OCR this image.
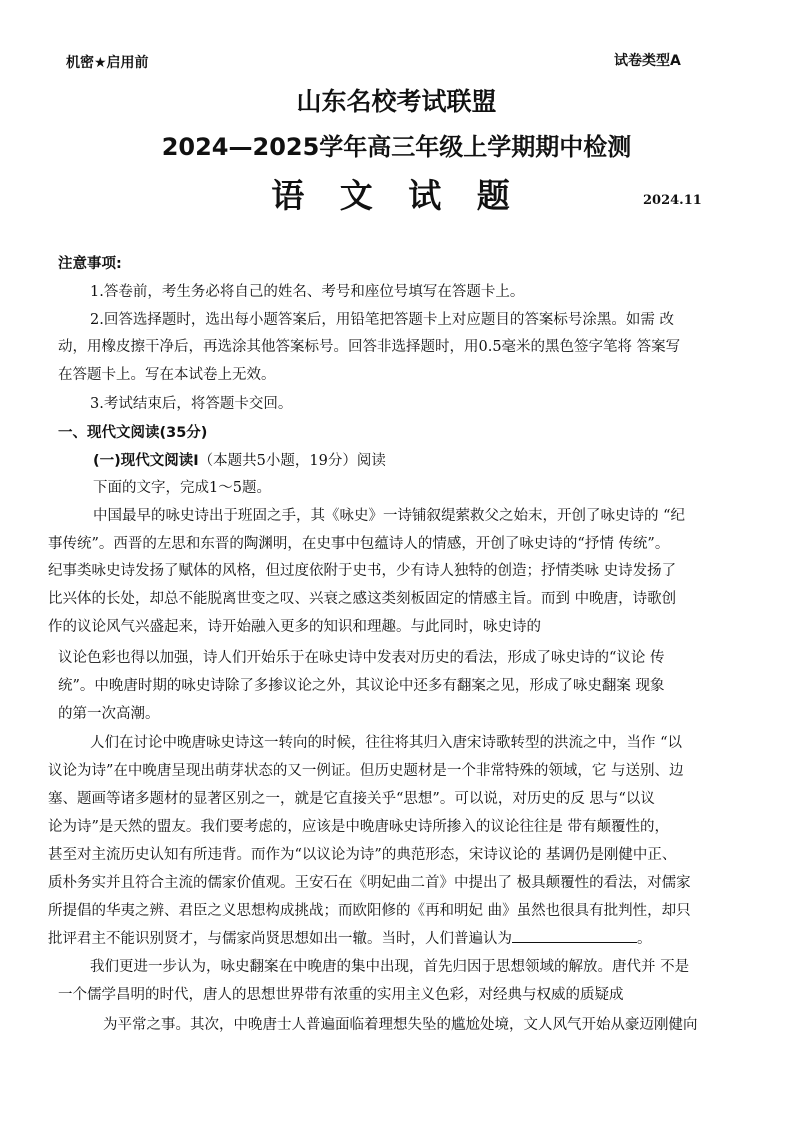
机密★启用前	试卷类型A
山东名校考试联盟
2024—2025学年高三年级上学期期中检测
语 文 试 题	2024.11
注意事项:
1.答卷前，考生务必将自己的姓名、考号和座位号填写在答题卡上。
2.回答选择题时，选出每小题答案后，用铅笔把答题卡上对应题目的答案标号涂黑。如需 改
动，用橡皮擦干净后，再选涂其他答案标号。回答非选择题时，用0.5毫米的黑色签字笔将 答案写
在答题卡上。写在本试卷上无效。
3.考试结束后，将答题卡交回。
一、现代文阅读(35分)
(一)现代文阅读I（本题共5小题，19分）阅读
下面的文字，完成1～5题。
中国最早的咏史诗出于班固之手，其《咏史》一诗铺叙缇萦救父之始末，开创了咏史诗的 “纪
事传统”。西晋的左思和东晋的陶渊明，在史事中包蕴诗人的情感，开创了咏史诗的“抒情 传统”。
纪事类咏史诗发扬了赋体的风格，但过度依附于史书，少有诗人独特的创造；抒情类咏 史诗发扬了
比兴体的长处，却总不能脱离世变之叹、兴衰之感这类刻板固定的情感主旨。而到 中晚唐，诗歌创
作的议论风气兴盛起来，诗开始融入更多的知识和理趣。与此同时，咏史诗的
议论色彩也得以加强，诗人们开始乐于在咏史诗中发表对历史的看法，形成了咏史诗的“议论 传
统”。中晚唐时期的咏史诗除了多掺议论之外，其议论中还多有翻案之见，形成了咏史翻案 现象
的第一次高潮。
人们在讨论中晚唐咏史诗这一转向的时候，往往将其归入唐宋诗歌转型的洪流之中，当作 “以
议论为诗”在中晚唐呈现出萌芽状态的又一例证。但历史题材是一个非常特殊的领域，它 与送别、边
塞、题画等诸多题材的显著区别之一，就是它直接关乎“思想”。可以说，对历史的反 思与“以议
论为诗”是天然的盟友。我们要考虑的，应该是中晚唐咏史诗所掺入的议论往往是 带有颠覆性的，
甚至对主流历史认知有所违背。而作为“以议论为诗”的典范形态，宋诗议论的 基调仍是刚健中正、
质朴务实并且符合主流的儒家价值观。王安石在《明妃曲二首》中提出了 极具颠覆性的看法，对儒家
所提倡的华夷之辨、君臣之义思想构成挑战；而欧阳修的《再和明妃 曲》虽然也很具有批判性，却只
批评君主不能识别贤才，与儒家尚贤思想如出一辙。当时，人们普遍认为	。
我们更进一步认为，咏史翻案在中晚唐的集中出现，首先归因于思想领域的解放。唐代并 不是
一个儒学昌明的时代，唐人的思想世界带有浓重的实用主义色彩，对经典与权威的质疑成
为平常之事。其次，中晚唐士人普遍面临着理想失坠的尴尬处境，文人风气开始从豪迈刚健向
